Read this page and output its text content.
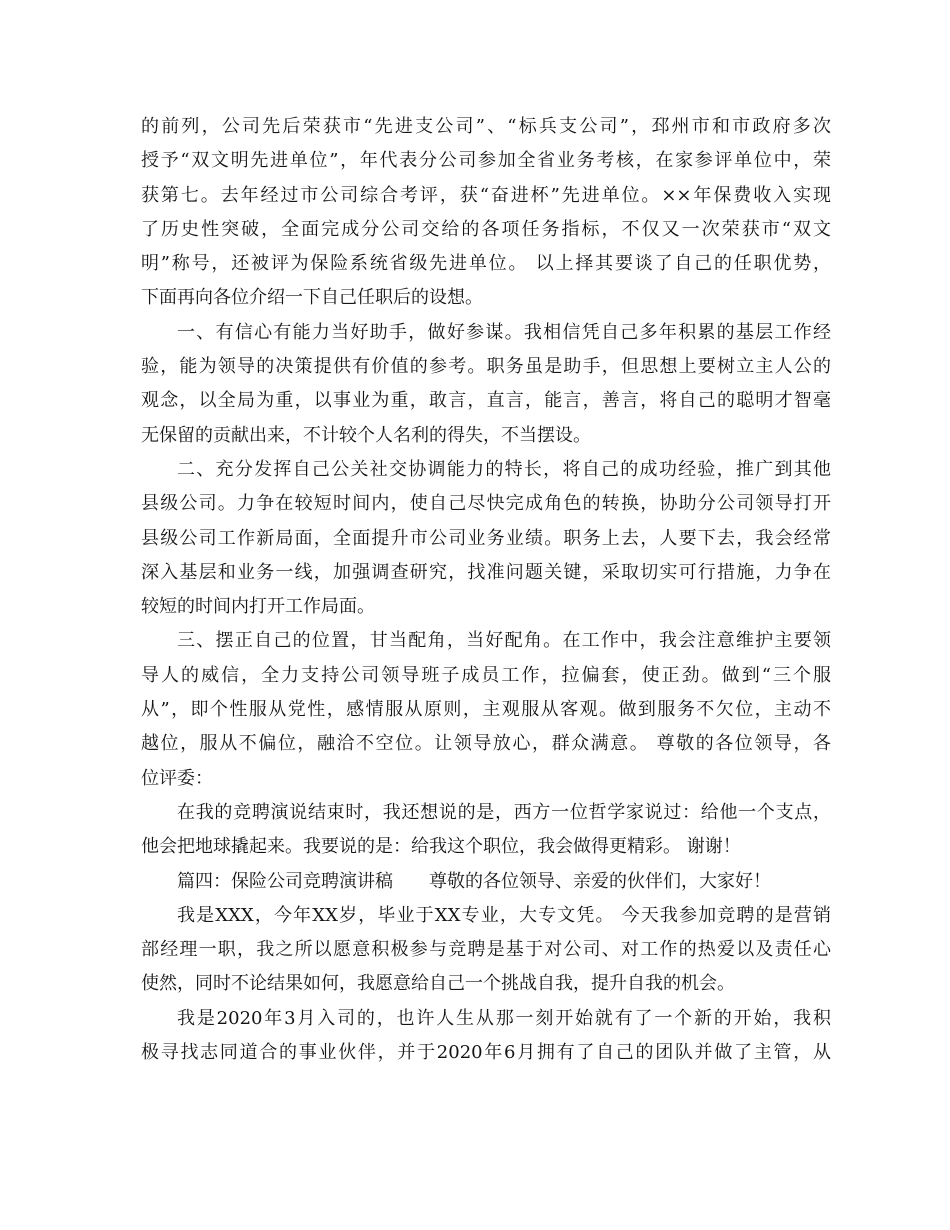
的前列，公司先后荣获市“先进支公司”、“标兵支公司”，邳州市和市政府多次
授予“双文明先进单位”，年代表分公司参加全省业务考核，在家参评单位中，荣
获第七。去年经过市公司综合考评，获“奋进杯”先进单位。××年保费收入实现
了历史性突破，全面完成分公司交给的各项任务指标，不仅又一次荣获市“双文
明”称号，还被评为保险系统省级先进单位。 以上择其要谈了自己的任职优势，
下面再向各位介绍一下自己任职后的设想。
一、有信心有能力当好助手，做好参谋。我相信凭自己多年积累的基层工作经
验，能为领导的决策提供有价值的参考。职务虽是助手，但思想上要树立主人公的
观念，以全局为重，以事业为重，敢言，直言，能言，善言，将自己的聪明才智毫
无保留的贡献出来，不计较个人名利的得失，不当摆设。
二、充分发挥自己公关社交协调能力的特长，将自己的成功经验，推广到其他
县级公司。力争在较短时间内，使自己尽快完成角色的转换，协助分公司领导打开
县级公司工作新局面，全面提升市公司业务业绩。职务上去，人要下去，我会经常
深入基层和业务一线，加强调查研究，找准问题关键，采取切实可行措施，力争在
较短的时间内打开工作局面。
三、摆正自己的位置，甘当配角，当好配角。在工作中，我会注意维护主要领
导人的威信，全力支持公司领导班子成员工作，拉偏套，使正劲。做到“三个服
从”，即个性服从党性，感情服从原则，主观服从客观。做到服务不欠位，主动不
越位，服从不偏位，融洽不空位。让领导放心，群众满意。 尊敬的各位领导，各
位评委：
在我的竞聘演说结束时，我还想说的是，西方一位哲学家说过：给他一个支点，
他会把地球撬起来。我要说的是：给我这个职位，我会做得更精彩。 谢谢！
篇四：保险公司竞聘演讲稿　　尊敬的各位领导、亲爱的伙伴们，大家好！
我是XXX，今年XX岁，毕业于XX专业，大专文凭。 今天我参加竞聘的是营销
部经理一职，我之所以愿意积极参与竞聘是基于对公司、对工作的热爱以及责任心
使然，同时不论结果如何，我愿意给自己一个挑战自我，提升自我的机会。
我是2020年3月入司的，也许人生从那一刻开始就有了一个新的开始，我积
极寻找志同道合的事业伙伴，并于2020年6月拥有了自己的团队并做了主管，从
